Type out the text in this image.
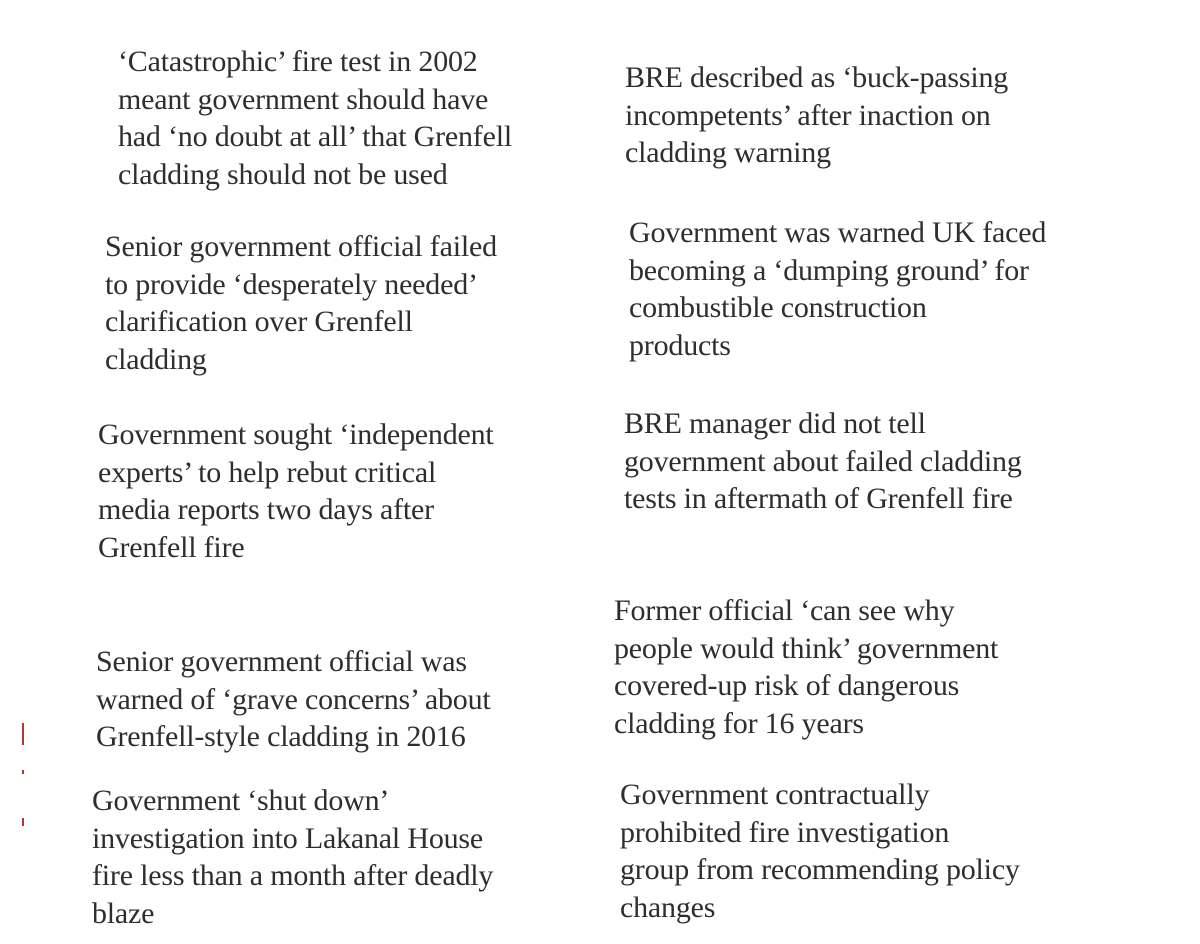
‘Catastrophic’ fire test in 2002
meant government should have
had ‘no doubt at all’ that Grenfell
cladding should not be used
BRE described as ‘buck-passing
incompetents’ after inaction on
cladding warning
Senior government official failed
to provide ‘desperately needed’
clarification over Grenfell
cladding
Government was warned UK faced
becoming a ‘dumping ground’ for
combustible construction
products
Government sought ‘independent
experts’ to help rebut critical
media reports two days after
Grenfell fire
BRE manager did not tell
government about failed cladding
tests in aftermath of Grenfell fire
Senior government official was
warned of ‘grave concerns’ about
Grenfell-style cladding in 2016
Former official ‘can see why
people would think’ government
covered-up risk of dangerous
cladding for 16 years
Government ‘shut down’
investigation into Lakanal House
fire less than a month after deadly
blaze
Government contractually
prohibited fire investigation
group from recommending policy
changes
